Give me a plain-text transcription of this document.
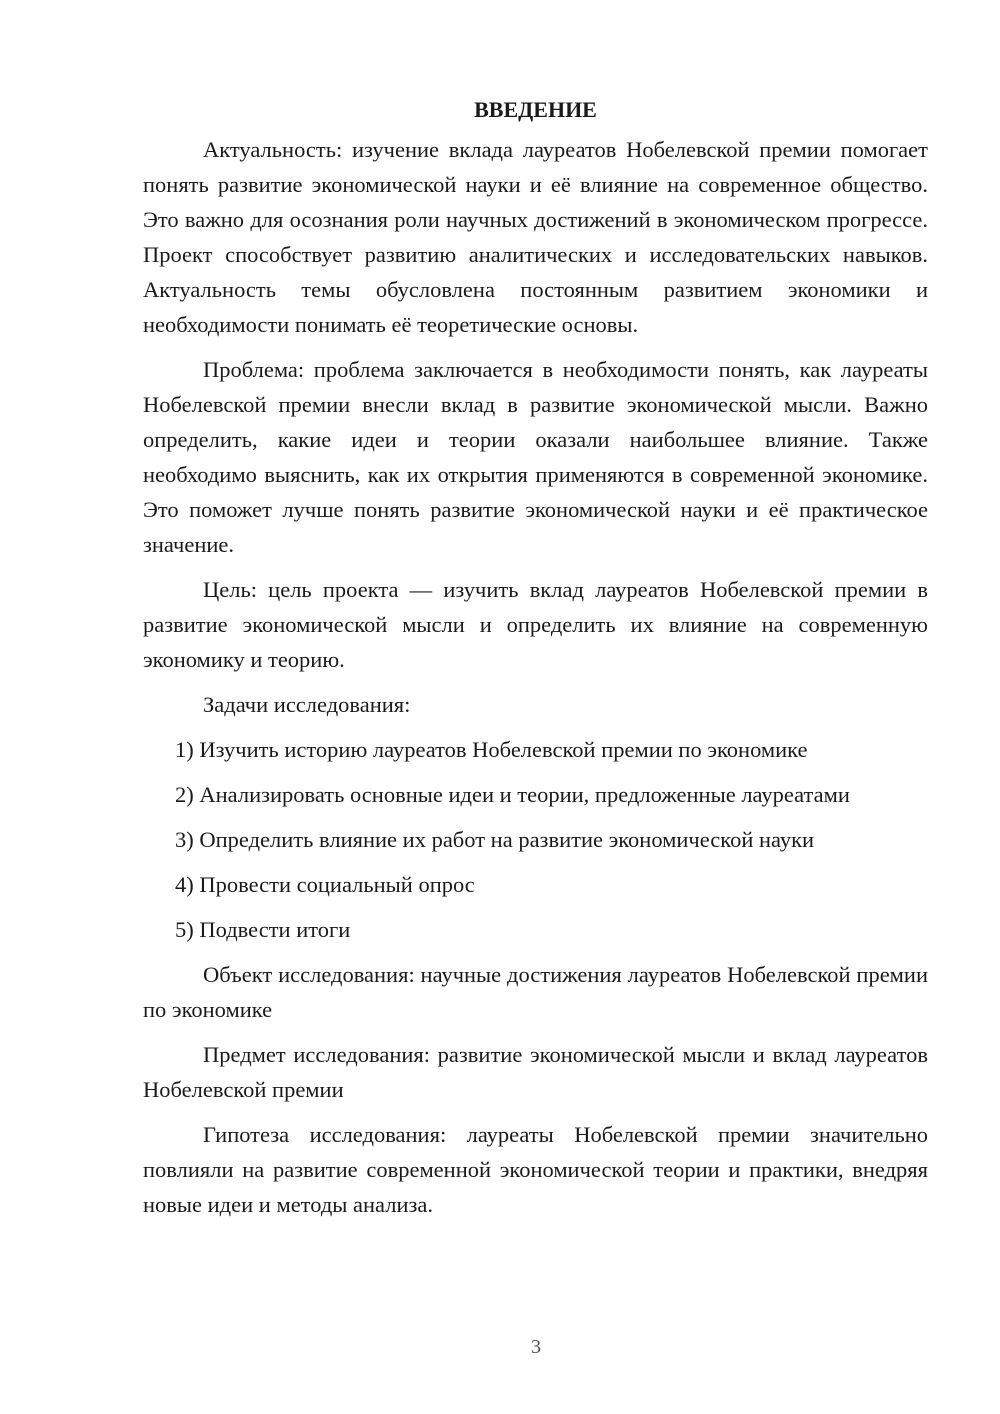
ВВЕДЕНИЕ

Актуальность: изучение вклада лауреатов Нобелевской премии помогает понять развитие экономической науки и её влияние на современное общество. Это важно для осознания роли научных достижений в экономическом прогрессе. Проект способствует развитию аналитических и исследовательских навыков. Актуальность темы обусловлена постоянным развитием экономики и необходимости понимать её теоретические основы.

Проблема: проблема заключается в необходимости понять, как лауреаты Нобелевской премии внесли вклад в развитие экономической мысли. Важно определить, какие идеи и теории оказали наибольшее влияние. Также необходимо выяснить, как их открытия применяются в современной экономике. Это поможет лучше понять развитие экономической науки и её практическое значение.

Цель: цель проекта — изучить вклад лауреатов Нобелевской премии в развитие экономической мысли и определить их влияние на современную экономику и теорию.

Задачи исследования:

1) Изучить историю лауреатов Нобелевской премии по экономике

2) Анализировать основные идеи и теории, предложенные лауреатами

3) Определить влияние их работ на развитие экономической науки

4) Провести социальный опрос

5) Подвести итоги

Объект исследования: научные достижения лауреатов Нобелевской премии по экономике

Предмет исследования: развитие экономической мысли и вклад лауреатов Нобелевской премии

Гипотеза исследования: лауреаты Нобелевской премии значительно повлияли на развитие современной экономической теории и практики, внедряя новые идеи и методы анализа.

3
